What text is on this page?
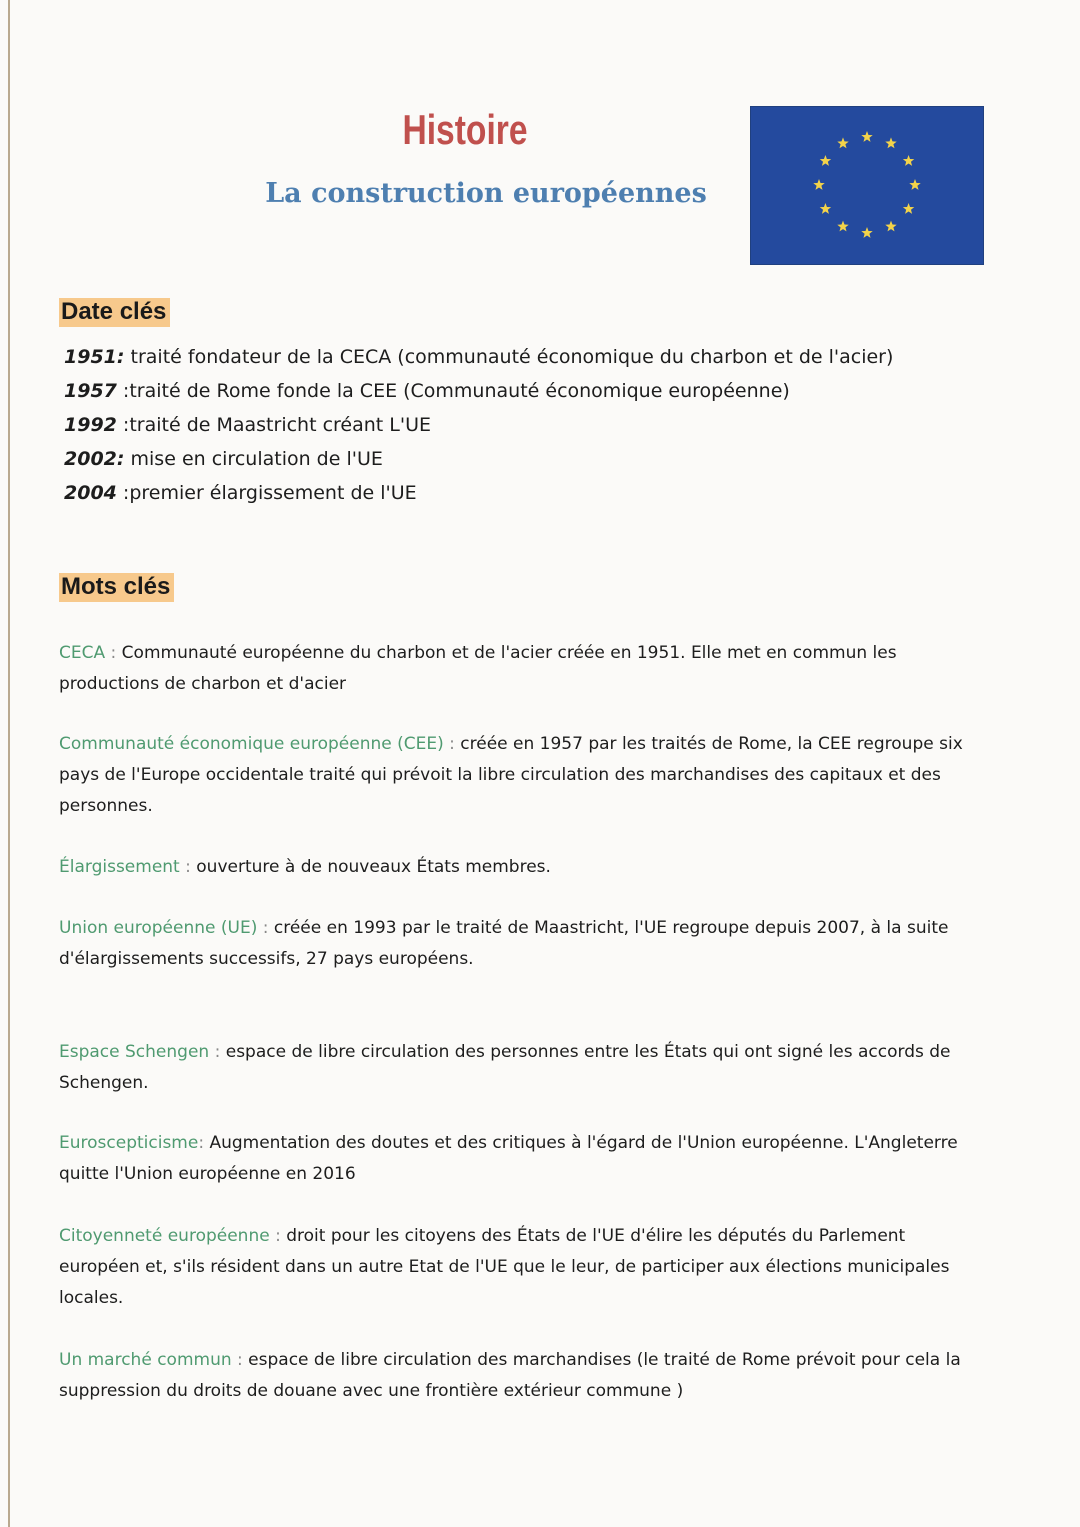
Histoire
La construction européennes
Date clés
1951: traité fondateur de la CECA (communauté économique du charbon et de l'acier)
1957 :traité de Rome fonde la CEE (Communauté économique européenne)
1992 :traité de Maastricht créant L'UE
2002: mise en circulation de l'UE
2004 :premier élargissement de l'UE
Mots clés

CECA : Communauté européenne du charbon et de l'acier créée en 1951. Elle met en commun les productions de charbon et d'acier
Communauté économique européenne (CEE) : créée en 1957 par les traités de Rome, la CEE regroupe six pays de l'Europe occidentale traité qui prévoit la libre circulation des marchandises des capitaux et des personnes.
Élargissement : ouverture à de nouveaux États membres.
Union européenne (UE) : créée en 1993 par le traité de Maastricht, l'UE regroupe depuis 2007, à la suite d'élargissements successifs, 27 pays européens.
Espace Schengen : espace de libre circulation des personnes entre les États qui ont signé les accords de Schengen.
Euroscepticisme: Augmentation des doutes et des critiques à l'égard de l'Union européenne. L'Angleterre quitte l'Union européenne en 2016
Citoyenneté européenne : droit pour les citoyens des États de l'UE d'élire les députés du Parlement européen et, s'ils résident dans un autre Etat de l'UE que le leur, de participer aux élections municipales locales.
Un marché commun : espace de libre circulation des marchandises (le traité de Rome prévoit pour cela la suppression du droits de douane avec une frontière extérieur commune )
